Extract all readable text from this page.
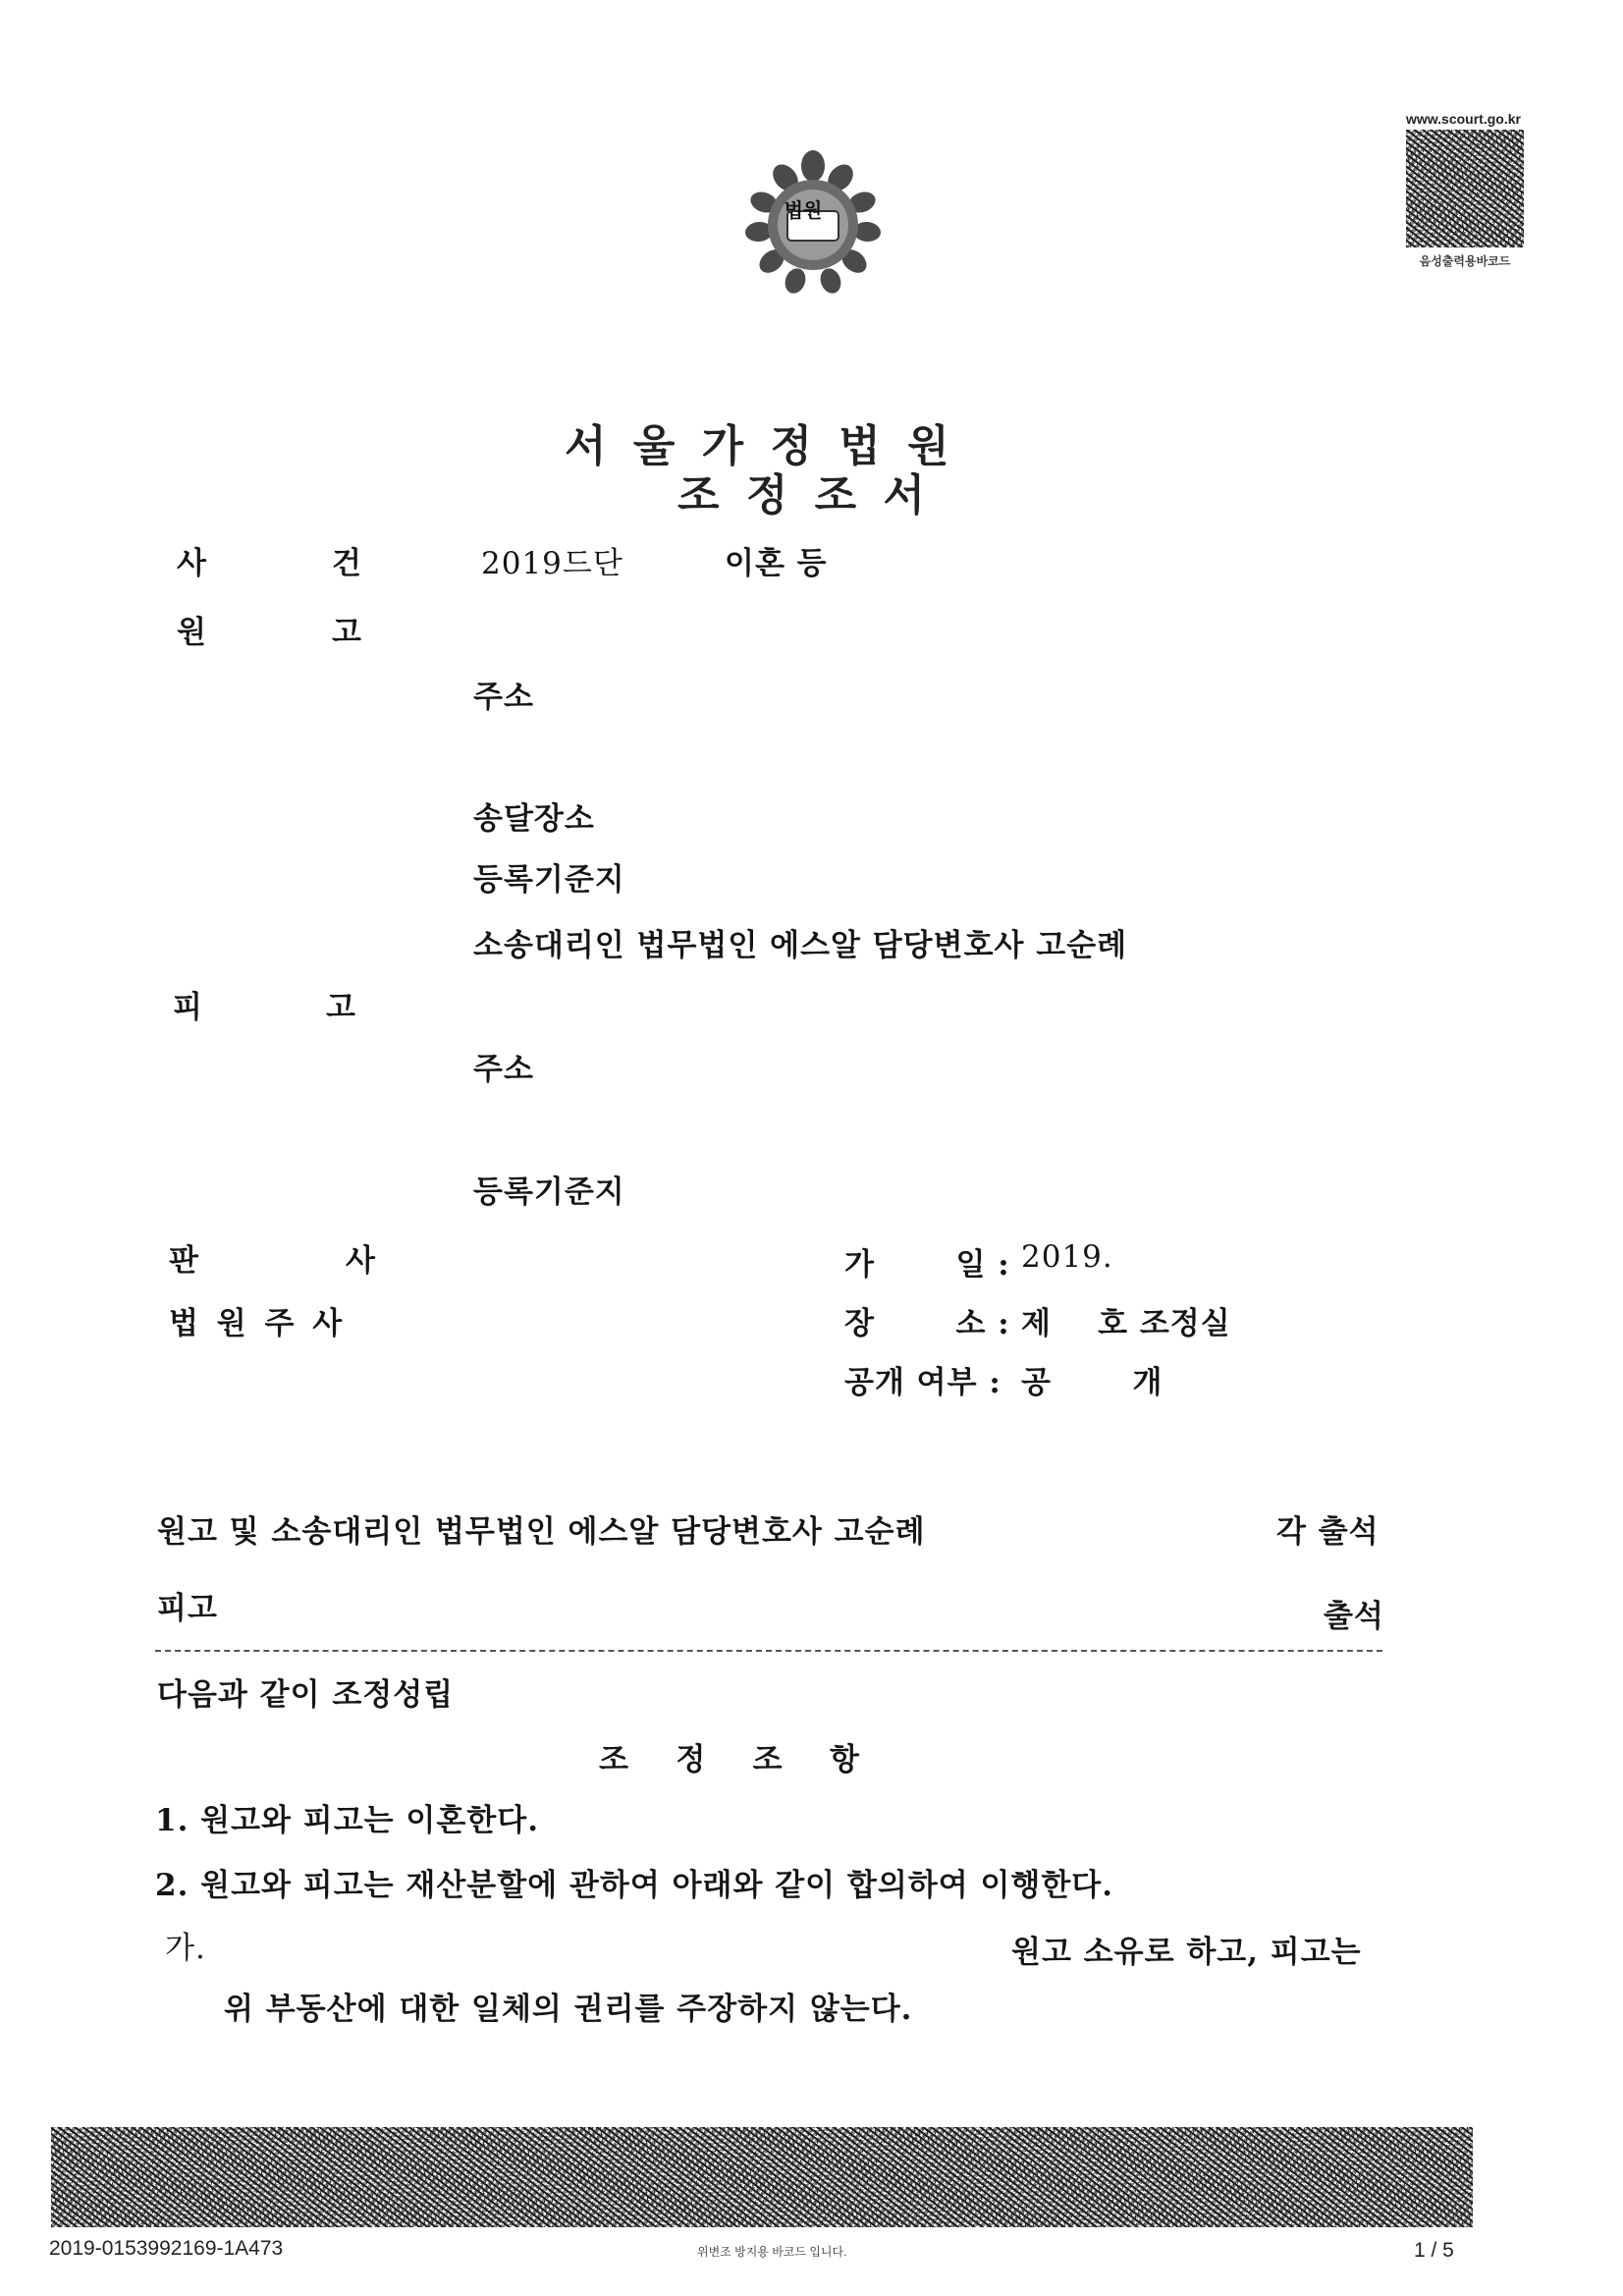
법원

www.scourt.go.kr
음성출력용바코드
서 울 가 정 법 원
조 정 조 서
사	건	2019드단	이혼 등
원	고
주소
송달장소
등록기준지
소송대리인 법무법인 에스알 담당변호사 고순례
피	고
주소
등록기준지
판	사
법 원 주 사
가       일 : 2019.
장       소 : 제    호 조정실
공개 여부 : 공       개
원고 및 소송대리인 법무법인 에스알 담당변호사 고순례	각 출석
피고	출석
다음과 같이 조정성립
조   정   조   항
1. 원고와 피고는 이혼한다.
2. 원고와 피고는 재산분할에 관하여 아래와 같이 합의하여 이행한다.
가.	원고 소유로 하고, 피고는
위 부동산에 대한 일체의 권리를 주장하지 않는다.
2019-0153992169-1A473	위변조 방지용 바코드 입니다.	1 / 5
